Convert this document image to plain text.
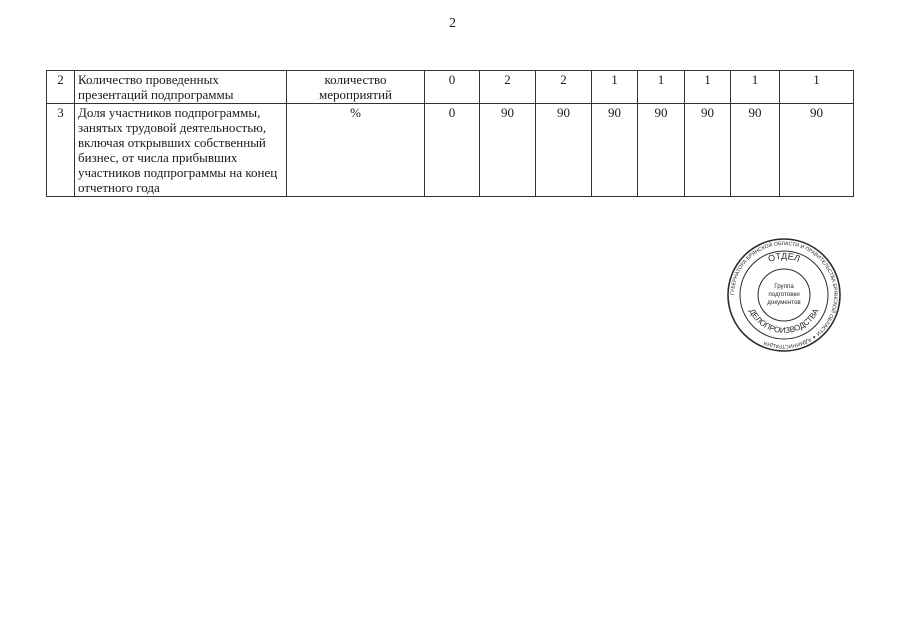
2
2	Количество проведенных презентаций подпрограммы	количество мероприятий	0	2	2	1	1	1	1	1
3	Доля участников подпрограммы, занятых трудовой деятельностью, включая открывших собственный бизнес, от числа прибывших участников подпрограммы на конец отчетного года	%	0	90	90	90	90	90	90	90
ГУБЕРНАТОРА БРЯНСКОЙ ОБЛАСТИ И ПРАВИТЕЛЬСТВА БРЯНСКОЙ ОБЛАСТИ ✦ АДМИНИСТРАЦИЯ
ОТДЕЛ
ДЕЛОПРОИЗВОДСТВА
Группа
подготовки
документов
